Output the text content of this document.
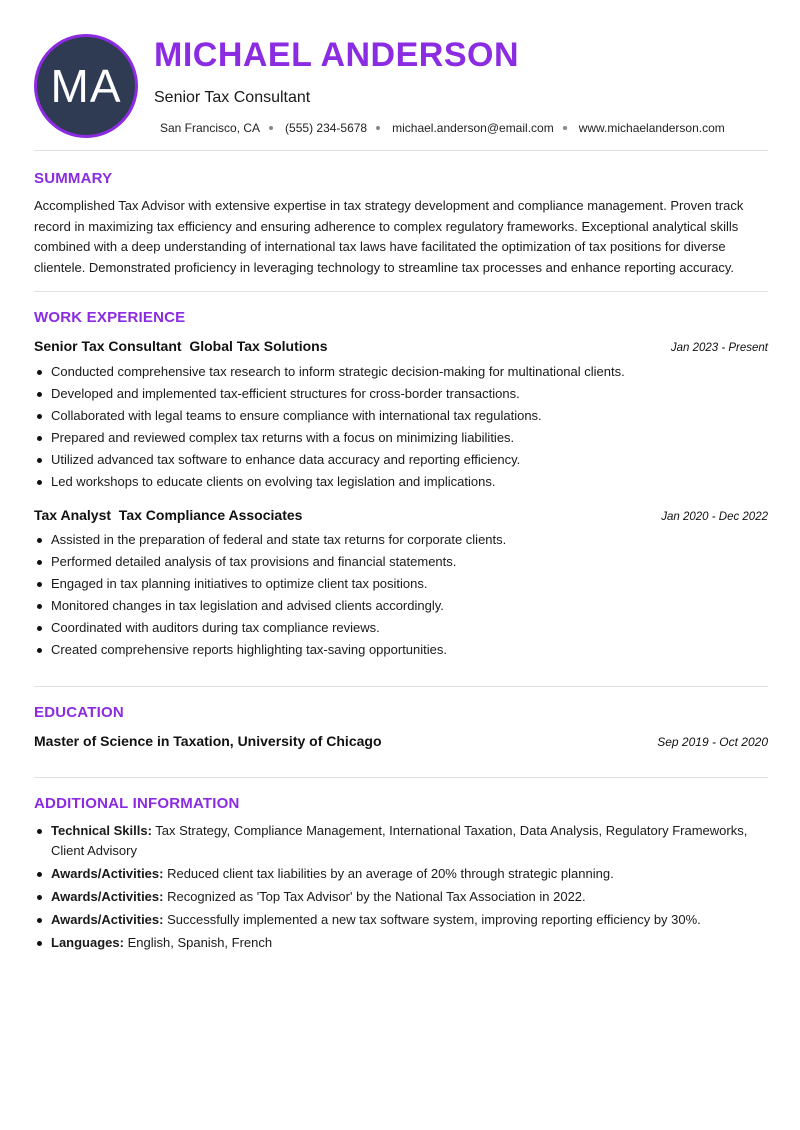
MA
MICHAEL ANDERSON
Senior Tax Consultant
San Francisco, CA (555) 234-5678 michael.anderson@email.com www.michaelanderson.com
SUMMARY
Accomplished Tax Advisor with extensive expertise in tax strategy development and compliance management. Proven track record in maximizing tax efficiency and ensuring adherence to complex regulatory frameworks. Exceptional analytical skills combined with a deep understanding of international tax laws have facilitated the optimization of tax positions for diverse clientele. Demonstrated proficiency in leveraging technology to streamline tax processes and enhance reporting accuracy.
WORK EXPERIENCE
Senior Tax Consultant  Global Tax Solutions	Jan 2023 - Present
Conducted comprehensive tax research to inform strategic decision-making for multinational clients.
Developed and implemented tax-efficient structures for cross-border transactions.
Collaborated with legal teams to ensure compliance with international tax regulations.
Prepared and reviewed complex tax returns with a focus on minimizing liabilities.
Utilized advanced tax software to enhance data accuracy and reporting efficiency.
Led workshops to educate clients on evolving tax legislation and implications.
Tax Analyst  Tax Compliance Associates	Jan 2020 - Dec 2022
Assisted in the preparation of federal and state tax returns for corporate clients.
Performed detailed analysis of tax provisions and financial statements.
Engaged in tax planning initiatives to optimize client tax positions.
Monitored changes in tax legislation and advised clients accordingly.
Coordinated with auditors during tax compliance reviews.
Created comprehensive reports highlighting tax-saving opportunities.
EDUCATION
Master of Science in Taxation, University of Chicago	Sep 2019 - Oct 2020
ADDITIONAL INFORMATION
Technical Skills: Tax Strategy, Compliance Management, International Taxation, Data Analysis, Regulatory Frameworks, Client Advisory
Awards/Activities: Reduced client tax liabilities by an average of 20% through strategic planning.
Awards/Activities: Recognized as 'Top Tax Advisor' by the National Tax Association in 2022.
Awards/Activities: Successfully implemented a new tax software system, improving reporting efficiency by 30%.
Languages: English, Spanish, French
